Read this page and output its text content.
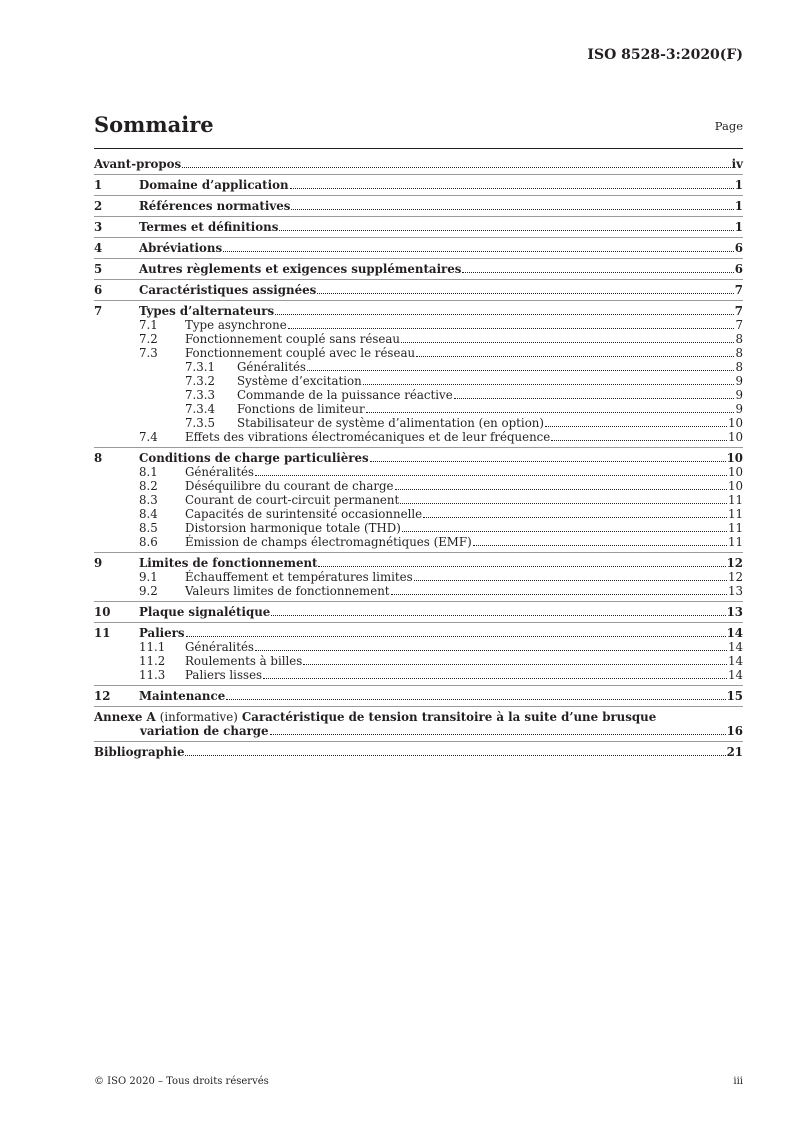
ISO 8528-3:2020(F)
Sommaire	Page
Avant-propos	iv
1	Domaine d’application	1
2	Références normatives	1
3	Termes et définitions	1
4	Abréviations	6
5	Autres règlements et exigences supplémentaires	6
6	Caractéristiques assignées	7
7	Types d’alternateurs	7
7.1	Type asynchrone	7
7.2	Fonctionnement couplé sans réseau	8
7.3	Fonctionnement couplé avec le réseau	8
7.3.1	Généralités	8
7.3.2	Système d’excitation	9
7.3.3	Commande de la puissance réactive	9
7.3.4	Fonctions de limiteur	9
7.3.5	Stabilisateur de système d’alimentation (en option)	10
7.4	Effets des vibrations électromécaniques et de leur fréquence	10
8	Conditions de charge particulières	10
8.1	Généralités	10
8.2	Déséquilibre du courant de charge	10
8.3	Courant de court-circuit permanent	11
8.4	Capacités de surintensité occasionnelle	11
8.5	Distorsion harmonique totale (THD)	11
8.6	Émission de champs électromagnétiques (EMF)	11
9	Limites de fonctionnement	12
9.1	Échauffement et températures limites	12
9.2	Valeurs limites de fonctionnement	13
10	Plaque signalétique	13
11	Paliers	14
11.1	Généralités	14
11.2	Roulements à billes	14
11.3	Paliers lisses	14
12	Maintenance	15
Annexe A (informative) Caractéristique de tension transitoire à la suite d’une brusque
variation de charge	16
Bibliographie	21
© ISO 2020 – Tous droits réservés	iii
